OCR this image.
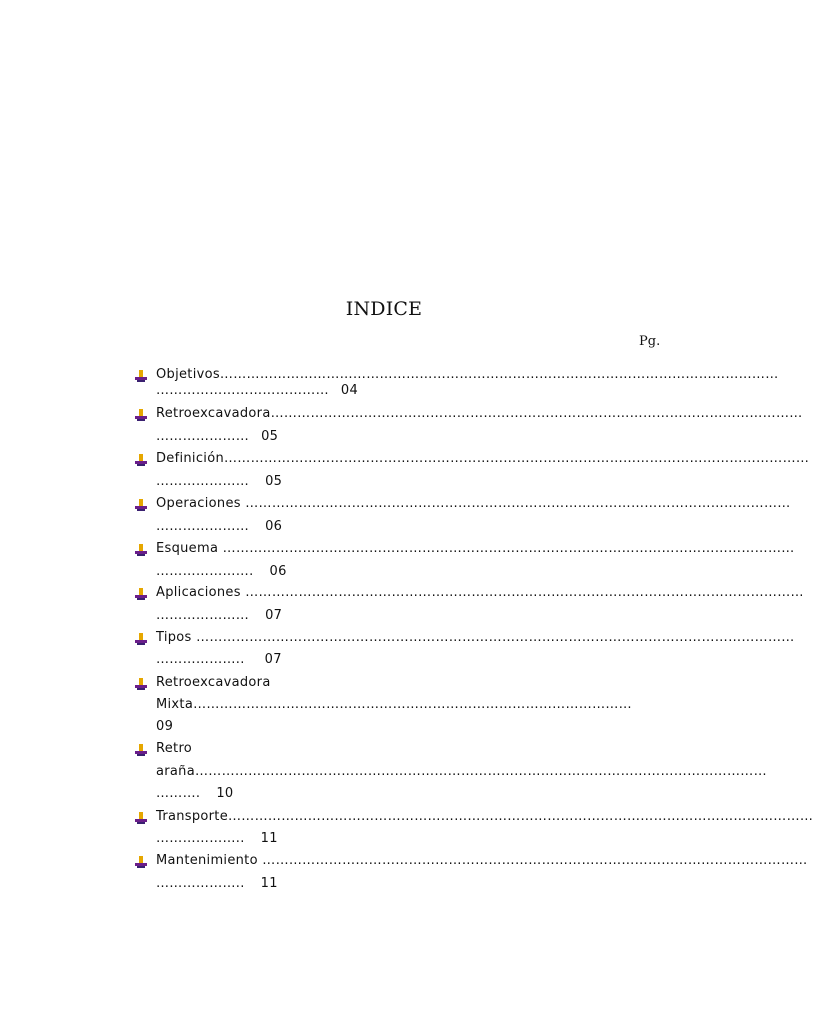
INDICE
Pg.
Objetivos………………………………………………………………………………………………………………
………………………………… 04
Retroexcavadora…………………………………………………………………………………………………………
………………… 05
Definición……………………………………………………………………………………………………………………
………………… 05
Operaciones ……………………………………………………………………………………………………………
………………… 06
Esquema …………………………………………………………………………………………………………………
…………………. 06
Aplicaciones ………………………………………………………………………………………………………………
………………… 07
Tipos ………………………………………………………………………………………………………………………
……………….. 07
Retroexcavadora
Mixta………………………………………………………………………………………
09
Retro
araña…………………………………………………………………………………………………………………
………. 10
Transporte……………………………………………………………………………………………………………………
……………….. 11
Mantenimiento ……………………………………………………………………………………………………………
……………….. 11
